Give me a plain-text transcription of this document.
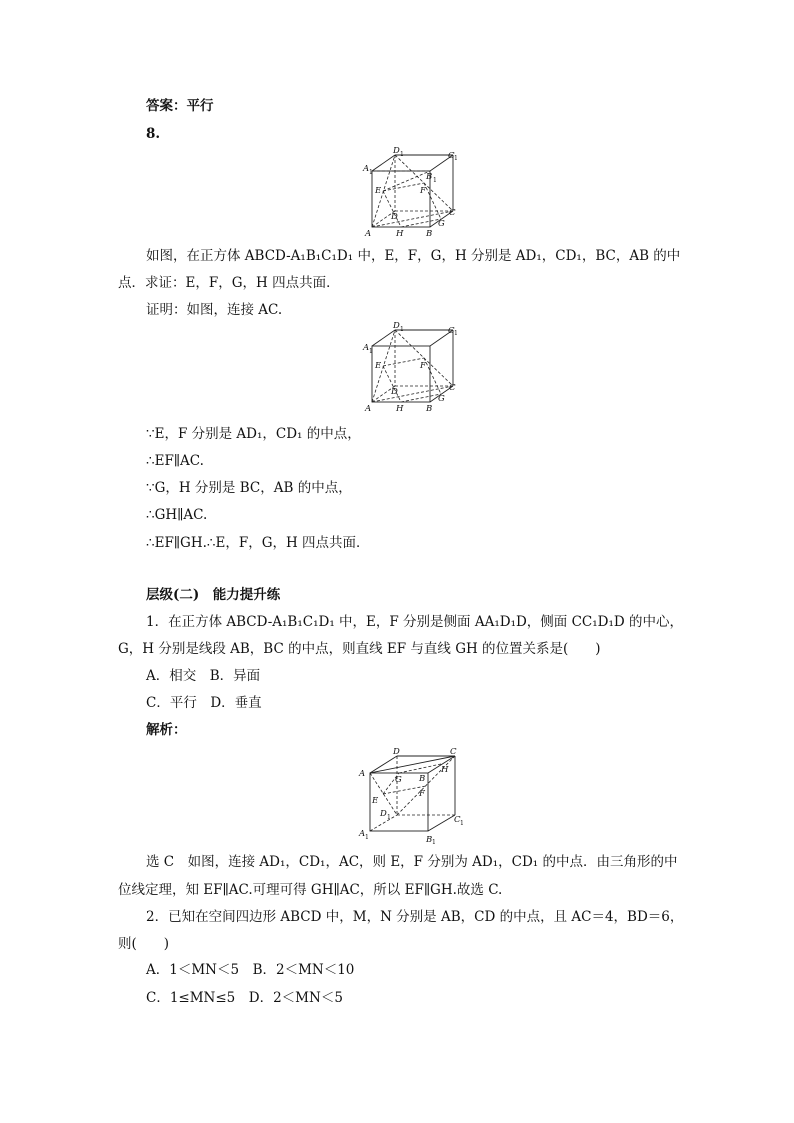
答案：平行
8.
A 1
D 1	C 1
B 1
E	F
D	C
A	H	B
G
如图，在正方体 ABCD-A₁B₁C₁D₁ 中，E，F，G，H 分别是 AD₁，CD₁，BC，AB 的中
点．求证：E，F，G，H 四点共面．
证明：如图，连接 AC.
A 1
D 1	C 1
E	F
D	C
A	H	B
G
∵E，F 分别是 AD₁，CD₁ 的中点，
∴EF∥AC.
∵G，H 分别是 BC，AB 的中点，
∴GH∥AC.
∴EF∥GH.∴E，F，G，H 四点共面．
层级(二)　能力提升练
1．在正方体 ABCD-A₁B₁C₁D₁ 中，E，F 分别是侧面 AA₁D₁D，侧面 CC₁D₁D 的中心，
G，H 分别是线段 AB，BC 的中点，则直线 EF 与直线 GH 的位置关系是(　　)
A．相交　B．异面
C．平行　D．垂直
解析：
D	C
A
G B
H
E
F
D 1
A 1
C 1
B 1
选 C　如图，连接 AD₁，CD₁，AC，则 E，F 分别为 AD₁，CD₁ 的中点．由三角形的中
位线定理，知 EF∥AC.可理可得 GH∥AC，所以 EF∥GH.故选 C.
2．已知在空间四边形 ABCD 中，M，N 分别是 AB，CD 的中点，且 AC＝4，BD＝6，
则(　　)
A．1＜MN＜5　B．2＜MN＜10
C．1≤MN≤5　D．2＜MN＜5
